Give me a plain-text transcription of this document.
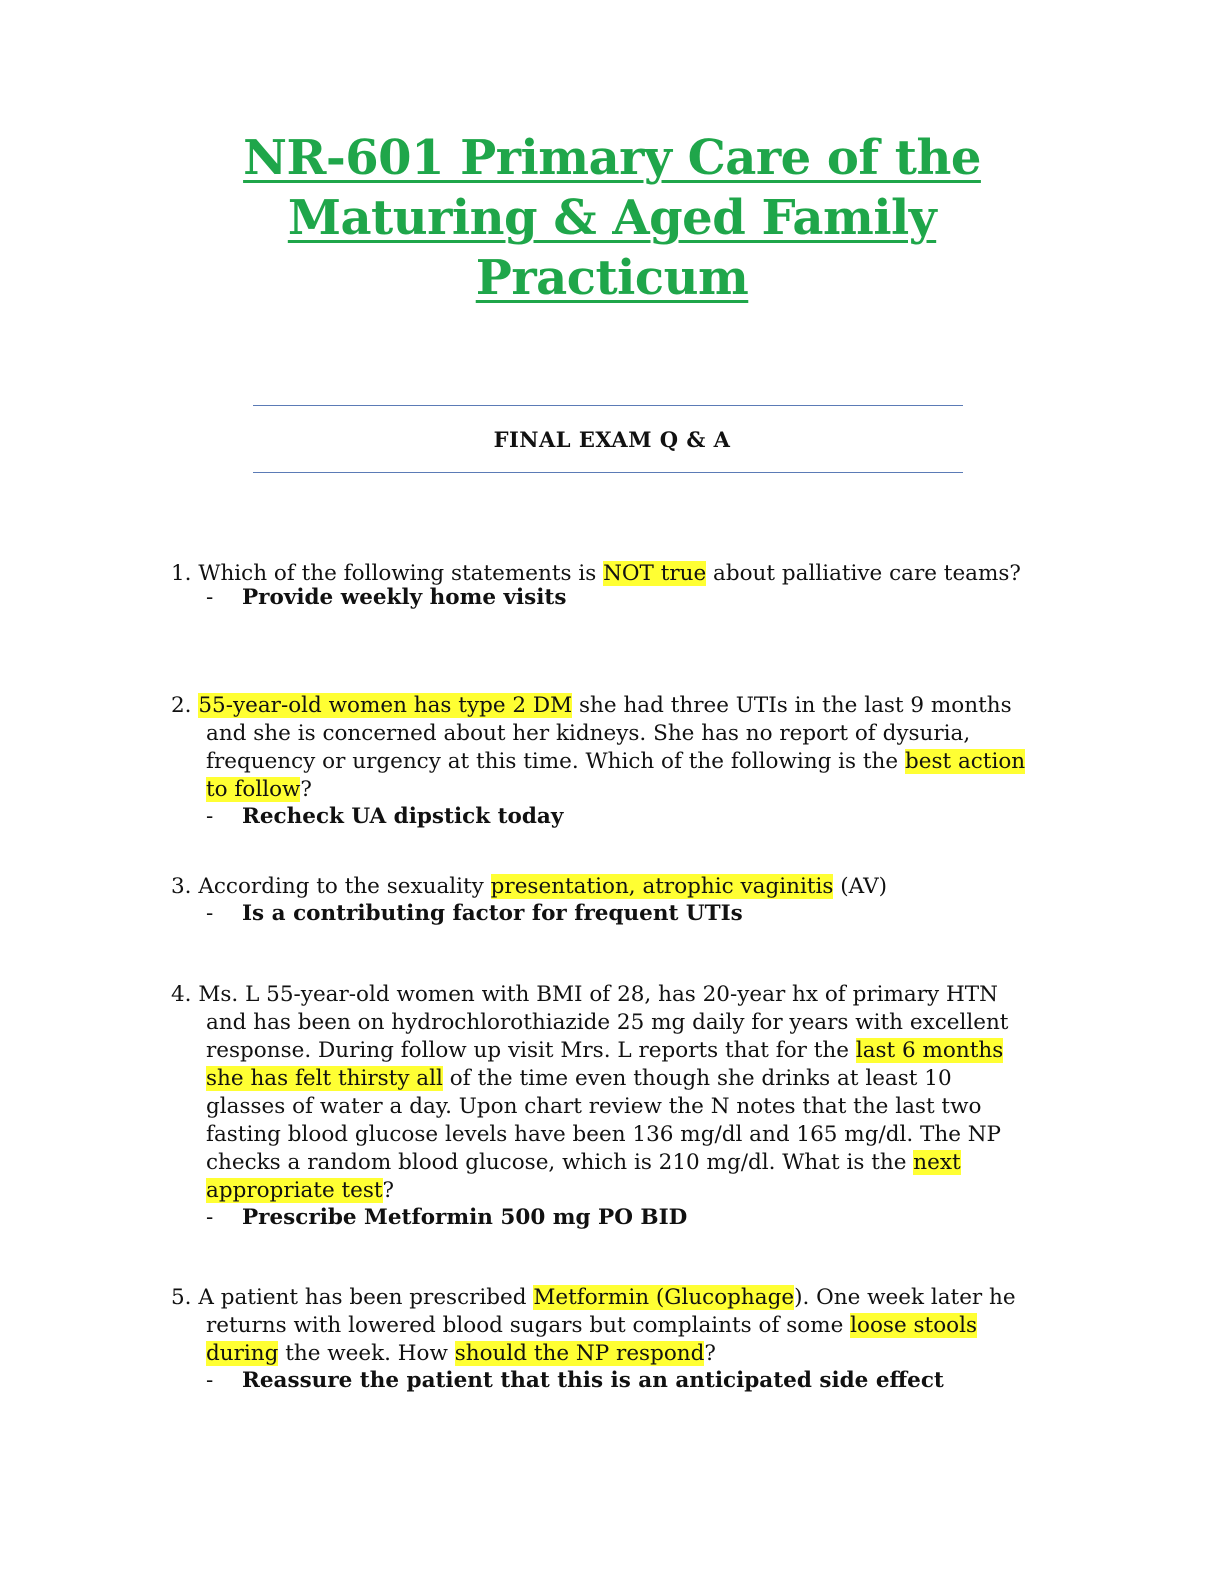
NR-601 Primary Care of the
Maturing & Aged Family
Practicum
FINAL EXAM Q & A

1. Which of the following statements is NOT true about palliative care teams?

- Provide weekly home visits

2. 55-year-old women has type 2 DM she had three UTIs in the last 9 months and she is concerned about her kidneys. She has no report of dysuria, frequency or urgency at this time. Which of the following is the best action to follow?

- Recheck UA dipstick today

3. According to the sexuality presentation, atrophic vaginitis (AV)

- Is a contributing factor for frequent UTIs

4. Ms. L 55-year-old women with BMI of 28, has 20-year hx of primary HTN and has been on hydrochlorothiazide 25 mg daily for years with excellent response. During follow up visit Mrs. L reports that for the last 6 months she has felt thirsty all of the time even though she drinks at least 10 glasses of water a day. Upon chart review the N notes that the last two fasting blood glucose levels have been 136 mg/dl and 165 mg/dl. The NP checks a random blood glucose, which is 210 mg/dl. What is the next appropriate test?

- Prescribe Metformin 500 mg PO BID

5. A patient has been prescribed Metformin (Glucophage). One week later he returns with lowered blood sugars but complaints of some loose stools during the week. How should the NP respond?

- Reassure the patient that this is an anticipated side effect
